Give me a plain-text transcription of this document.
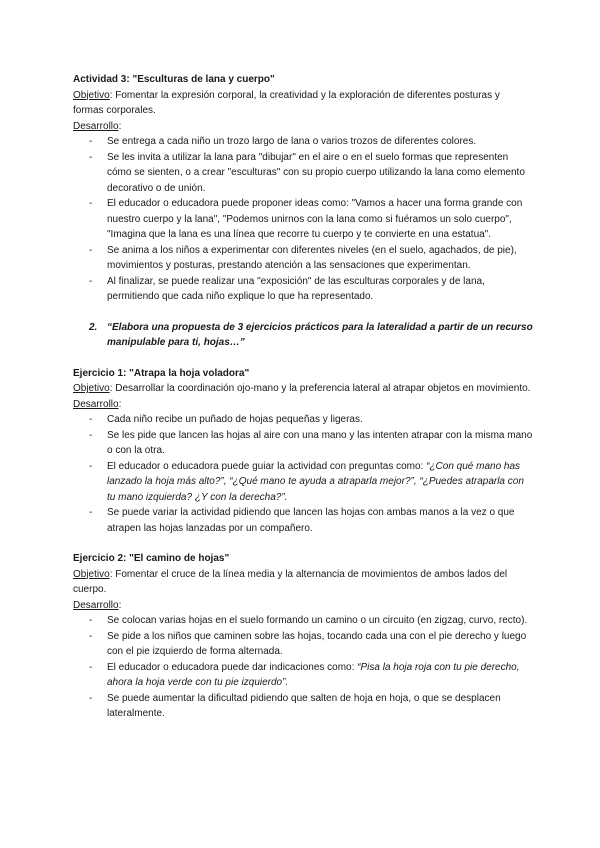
Actividad 3: "Esculturas de lana y cuerpo"

Objetivo: Fomentar la expresión corporal, la creatividad y la exploración de diferentes posturas y formas corporales.

Desarrollo:

- Se entrega a cada niño un trozo largo de lana o varios trozos de diferentes colores.
- Se les invita a utilizar la lana para "dibujar" en el aire o en el suelo formas que representen cómo se sienten, o a crear "esculturas" con su propio cuerpo utilizando la lana como elemento decorativo o de unión.
- El educador o educadora puede proponer ideas como: "Vamos a hacer una forma grande con nuestro cuerpo y la lana", "Podemos unirnos con la lana como si fuéramos un solo cuerpo", "Imagina que la lana es una línea que recorre tu cuerpo y te convierte en una estatua".
- Se anima a los niños a experimentar con diferentes niveles (en el suelo, agachados, de pie), movimientos y posturas, prestando atención a las sensaciones que experimentan.
- Al finalizar, se puede realizar una "exposición" de las esculturas corporales y de lana, permitiendo que cada niño explique lo que ha representado.

2. “Elabora una propuesta de 3 ejercicios prácticos para la lateralidad a partir de un recurso manipulable para ti, hojas…”

Ejercicio 1: "Atrapa la hoja voladora"

Objetivo: Desarrollar la coordinación ojo-mano y la preferencia lateral al atrapar objetos en movimiento.

Desarrollo:

- Cada niño recibe un puñado de hojas pequeñas y ligeras.
- Se les pide que lancen las hojas al aire con una mano y las intenten atrapar con la misma mano o con la otra.
- El educador o educadora puede guiar la actividad con preguntas como: “¿Con qué mano has lanzado la hoja más alto?”, “¿Qué mano te ayuda a atraparla mejor?”, “¿Puedes atraparla con tu mano izquierda? ¿Y con la derecha?”.
- Se puede variar la actividad pidiendo que lancen las hojas con ambas manos a la vez o que atrapen las hojas lanzadas por un compañero.

Ejercicio 2: "El camino de hojas"

Objetivo: Fomentar el cruce de la línea media y la alternancia de movimientos de ambos lados del cuerpo.

Desarrollo:

- Se colocan varias hojas en el suelo formando un camino o un circuito (en zigzag, curvo, recto).
- Se pide a los niños que caminen sobre las hojas, tocando cada una con el pie derecho y luego con el pie izquierdo de forma alternada.
- El educador o educadora puede dar indicaciones como: “Pisa la hoja roja con tu pie derecho, ahora la hoja verde con tu pie izquierdo”.
- Se puede aumentar la dificultad pidiendo que salten de hoja en hoja, o que se desplacen lateralmente.
